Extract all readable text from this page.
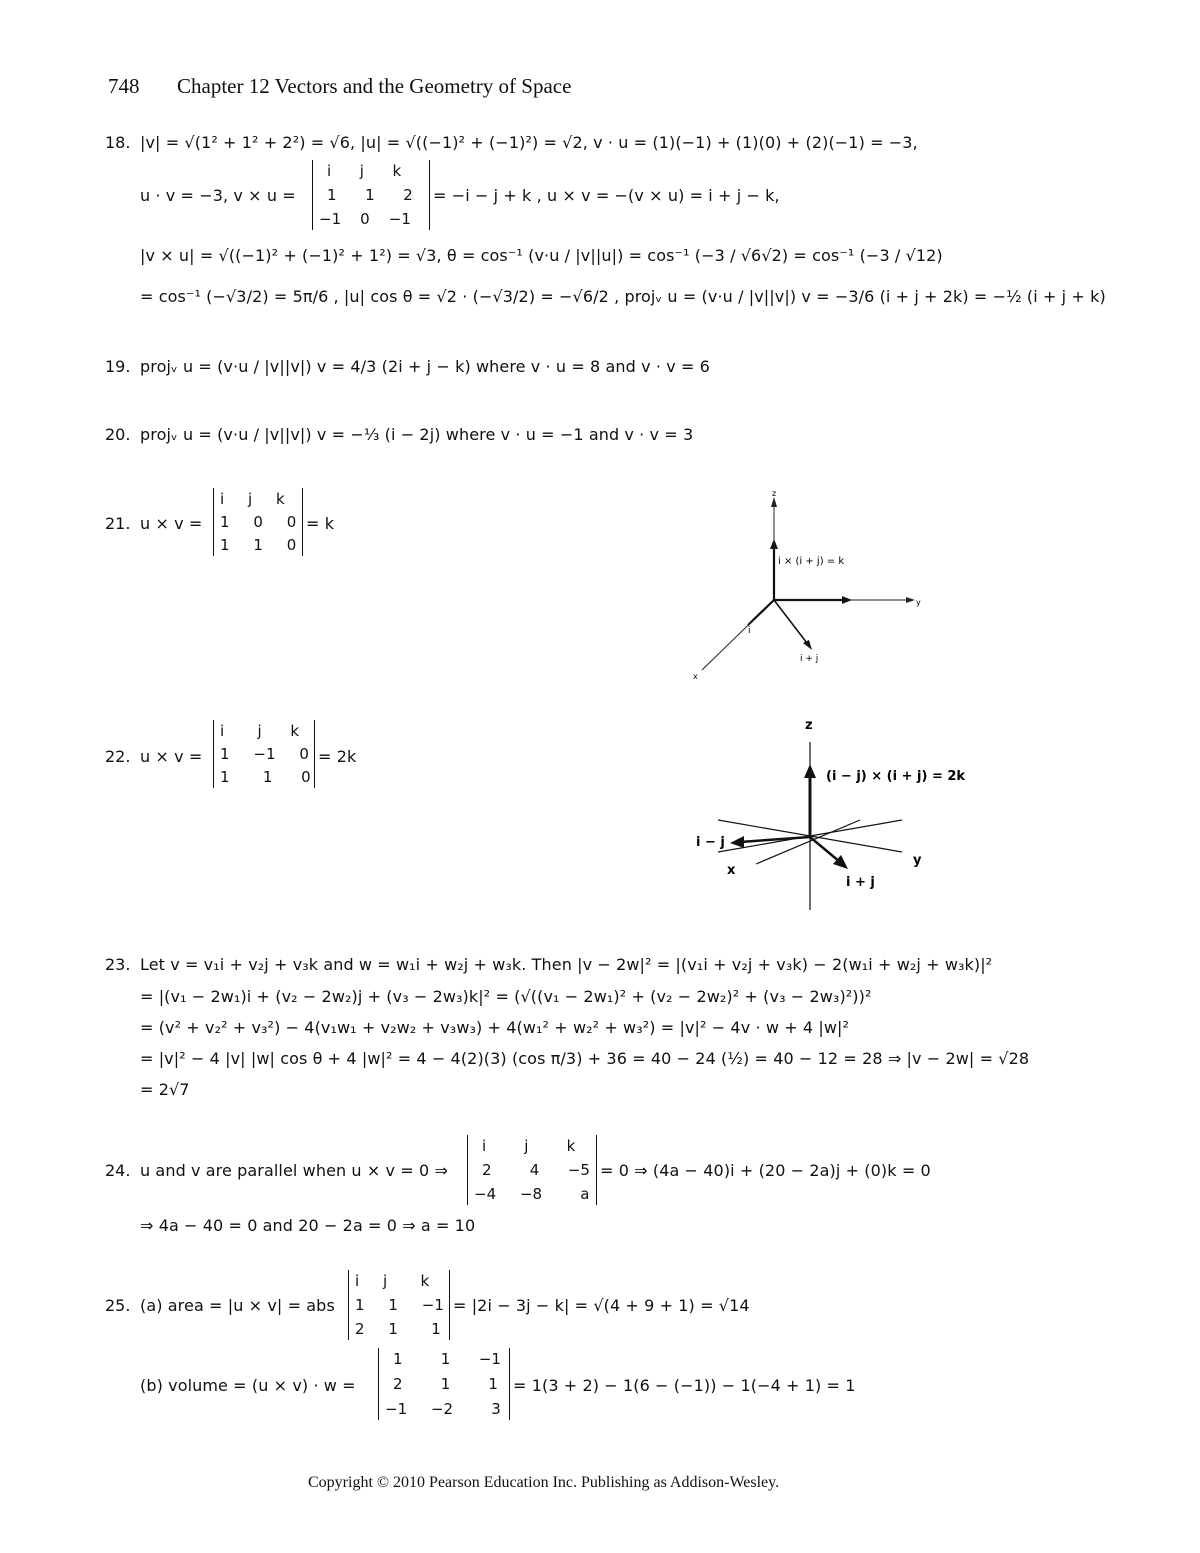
748 Chapter 12 Vectors and the Geometry of Space
18. |v| = √(1² + 1² + 2²) = √6, |u| = √((−1)² + (−1)²) = √2, v · u = (1)(−1) + (1)(0) + (2)(−1) = −3,
u · v = −3, v × u =
i      j      k
1      1      2
−1    0    −1
= −i − j + k , u × v = −(v × u) = i + j − k,
|v × u| = √((−1)² + (−1)² + 1²) = √3, θ = cos⁻¹ (v·u / |v||u|) = cos⁻¹ (−3 / √6√2) = cos⁻¹ (−3 / √12)
= cos⁻¹ (−√3/2) = 5π/6 , |u| cos θ = √2 · (−√3/2) = −√6/2 , projᵥ u = (v·u / |v||v|) v = −3/6 (i + j + 2k) = −½ (i + j + k)
19. projᵥ u = (v·u / |v||v|) v = 4/3 (2i + j − k) where v · u = 8 and v · v = 6
20. projᵥ u = (v·u / |v||v|) v = −⅓ (i − 2j) where v · u = −1 and v · v = 3
21. u × v =
i     j     k
1     0     0
1     1     0
= k
z
y
x
i × (i + j) = k
i
i + j
22. u × v =
i       j      k
1     −1     0
1       1      0
= 2k
z
y
x
(i − j) × (i + j) = 2k
i − j
i + j
23. Let v = v₁i + v₂j + v₃k and w = w₁i + w₂j + w₃k. Then |v − 2w|² = |(v₁i + v₂j + v₃k) − 2(w₁i + w₂j + w₃k)|²
= |(v₁ − 2w₁)i + (v₂ − 2w₂)j + (v₃ − 2w₃)k|² = (√((v₁ − 2w₁)² + (v₂ − 2w₂)² + (v₃ − 2w₃)²))²
= (v² + v₂² + v₃²) − 4(v₁w₁ + v₂w₂ + v₃w₃) + 4(w₁² + w₂² + w₃²) = |v|² − 4v · w + 4 |w|²
= |v|² − 4 |v| |w| cos θ + 4 |w|² = 4 − 4(2)(3) (cos π/3) + 36 = 40 − 24 (½) = 40 − 12 = 28 ⇒ |v − 2w| = √28
= 2√7
24. u and v are parallel when u × v = 0 ⇒
i        j        k
2        4      −5
−4     −8        a
= 0 ⇒ (4a − 40)i + (20 − 2a)j + (0)k = 0
⇒ 4a − 40 = 0 and 20 − 2a = 0 ⇒ a = 10
25. (a) area = |u × v| = abs
i     j       k
1     1     −1
2     1       1
= |2i − 3j − k| = √(4 + 9 + 1) = √14
(b) volume = (u × v) · w =
1        1      −1
2        1        1
−1     −2        3
= 1(3 + 2) − 1(6 − (−1)) − 1(−4 + 1) = 1
Copyright © 2010 Pearson Education Inc. Publishing as Addison-Wesley.
